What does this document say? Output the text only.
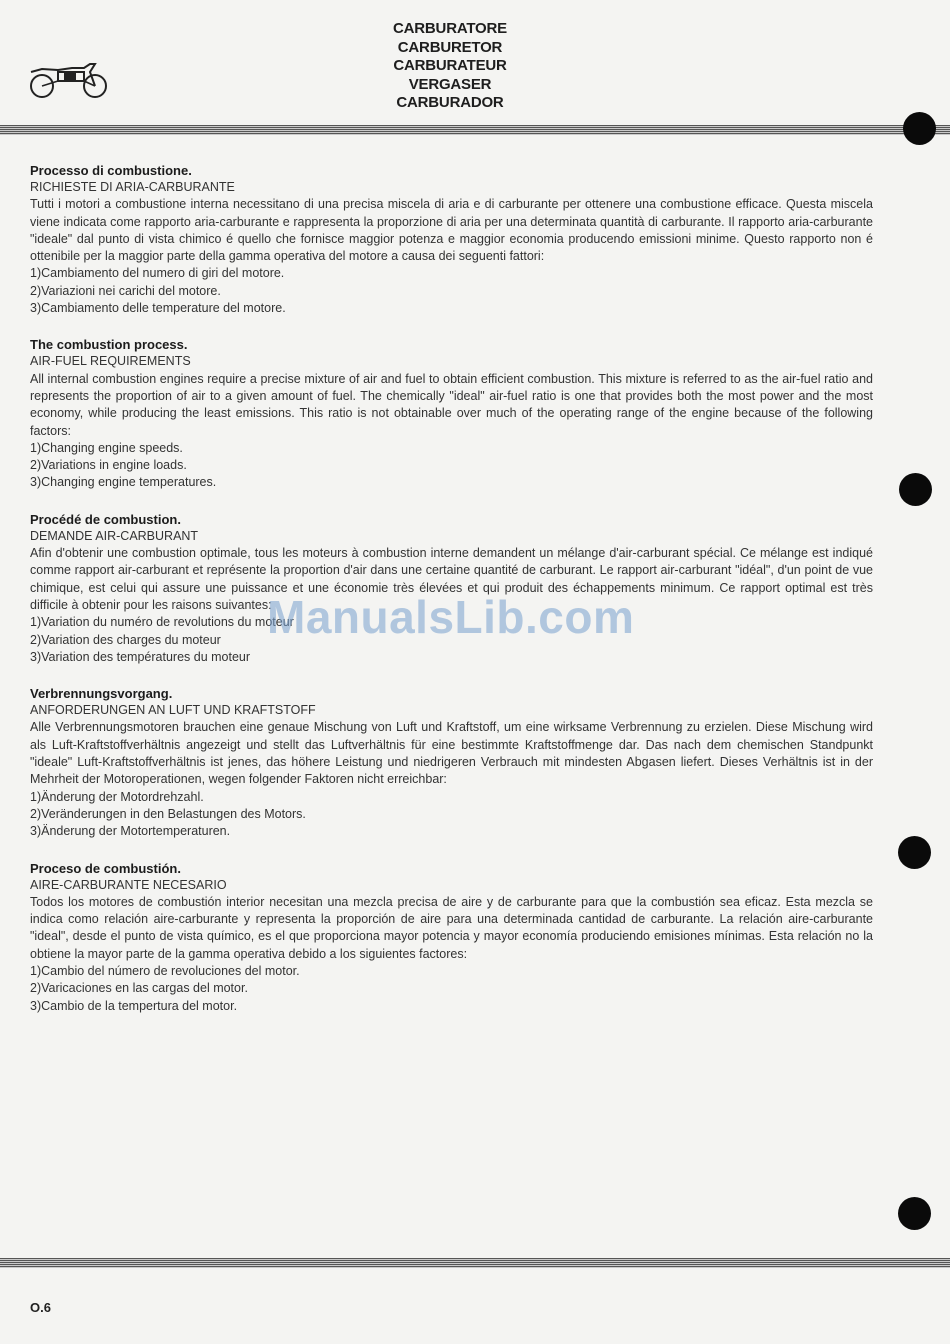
CARBURATORE
CARBURETOR
CARBURATEUR
VERGASER
CARBURADOR
Processo di combustione.
RICHIESTE DI ARIA-CARBURANTE
Tutti i motori a combustione interna necessitano di una precisa miscela di aria e di carburante per ottenere una combustione efficace. Questa miscela viene indicata come rapporto aria-carburante e rappresenta la proporzione di aria per una determinata quantità di carburante. Il rapporto aria-carburante "ideale" dal punto di vista chimico é quello che fornisce maggior potenza e maggior economia producendo emissioni minime. Questo rapporto non é ottenibile per la maggior parte della gamma operativa del motore a causa dei seguenti fattori:
1)Cambiamento del numero di giri del motore.
2)Variazioni nei carichi del motore.
3)Cambiamento delle temperature del motore.
The combustion process.
AIR-FUEL REQUIREMENTS
All internal combustion engines require a precise mixture of air and fuel to obtain efficient combustion. This mixture is referred to as the air-fuel ratio and represents the proportion of air to a given amount of fuel. The chemically "ideal" air-fuel ratio is one that provides both the most power and the most economy, while producing the least emissions. This ratio is not obtainable over much of the operating range of the engine because of the following factors:
1)Changing engine speeds.
2)Variations in engine loads.
3)Changing engine temperatures.
Procédé de combustion.
DEMANDE AIR-CARBURANT
Afin d'obtenir une combustion optimale, tous les moteurs à combustion interne demandent un mélange d'air-carburant spécial. Ce mélange est indiqué comme rapport air-carburant et représente la proportion d'air dans une certaine quantité de carburant. Le rapport air-carburant "idéal", d'un point de vue chimique, est celui qui assure une puissance et une économie très élevées et qui produit des échappements minimum. Ce rapport optimal est très difficile à obtenir pour les raisons suivantes:
1)Variation du numéro de revolutions du moteur
2)Variation des charges du moteur
3)Variation des températures du moteur
Verbrennungsvorgang.
ANFORDERUNGEN AN LUFT UND KRAFTSTOFF
Alle Verbrennungsmotoren brauchen eine genaue Mischung von Luft und Kraftstoff, um eine wirksame Verbrennung zu erzielen. Diese Mischung wird als Luft-Kraftstoffverhältnis angezeigt und stellt das Luftverhältnis für eine bestimmte Kraftstoffmenge dar. Das nach dem chemischen Standpunkt "ideale" Luft-Kraftstoffverhältnis ist jenes, das höhere Leistung und niedrigeren Verbrauch mit mindesten Abgasen liefert. Dieses Verhältnis ist in der Mehrheit der Motoroperationen, wegen folgender Faktoren nicht erreichbar:
1)Änderung der Motordrehzahl.
2)Veränderungen in den Belastungen des Motors.
3)Änderung der Motortemperaturen.
Proceso de combustión.
AIRE-CARBURANTE NECESARIO
Todos los motores de combustión interior necesitan una mezcla precisa de aire y de carburante para que la combustión sea eficaz. Esta mezcla se indica como relación aire-carburante y representa la proporción de aire para una determinada cantidad de carburante. La relación aire-carburante "ideal", desde el punto de vista químico, es el que proporciona mayor potencia y mayor economía produciendo emisiones mínimas. Esta relación no la obtiene la mayor parte de la gamma operativa debido a los siguientes factores:
1)Cambio del número de revoluciones del motor.
2)Varicaciones en las cargas del motor.
3)Cambio de la tempertura del motor.
ManualsLib.com
O.6
